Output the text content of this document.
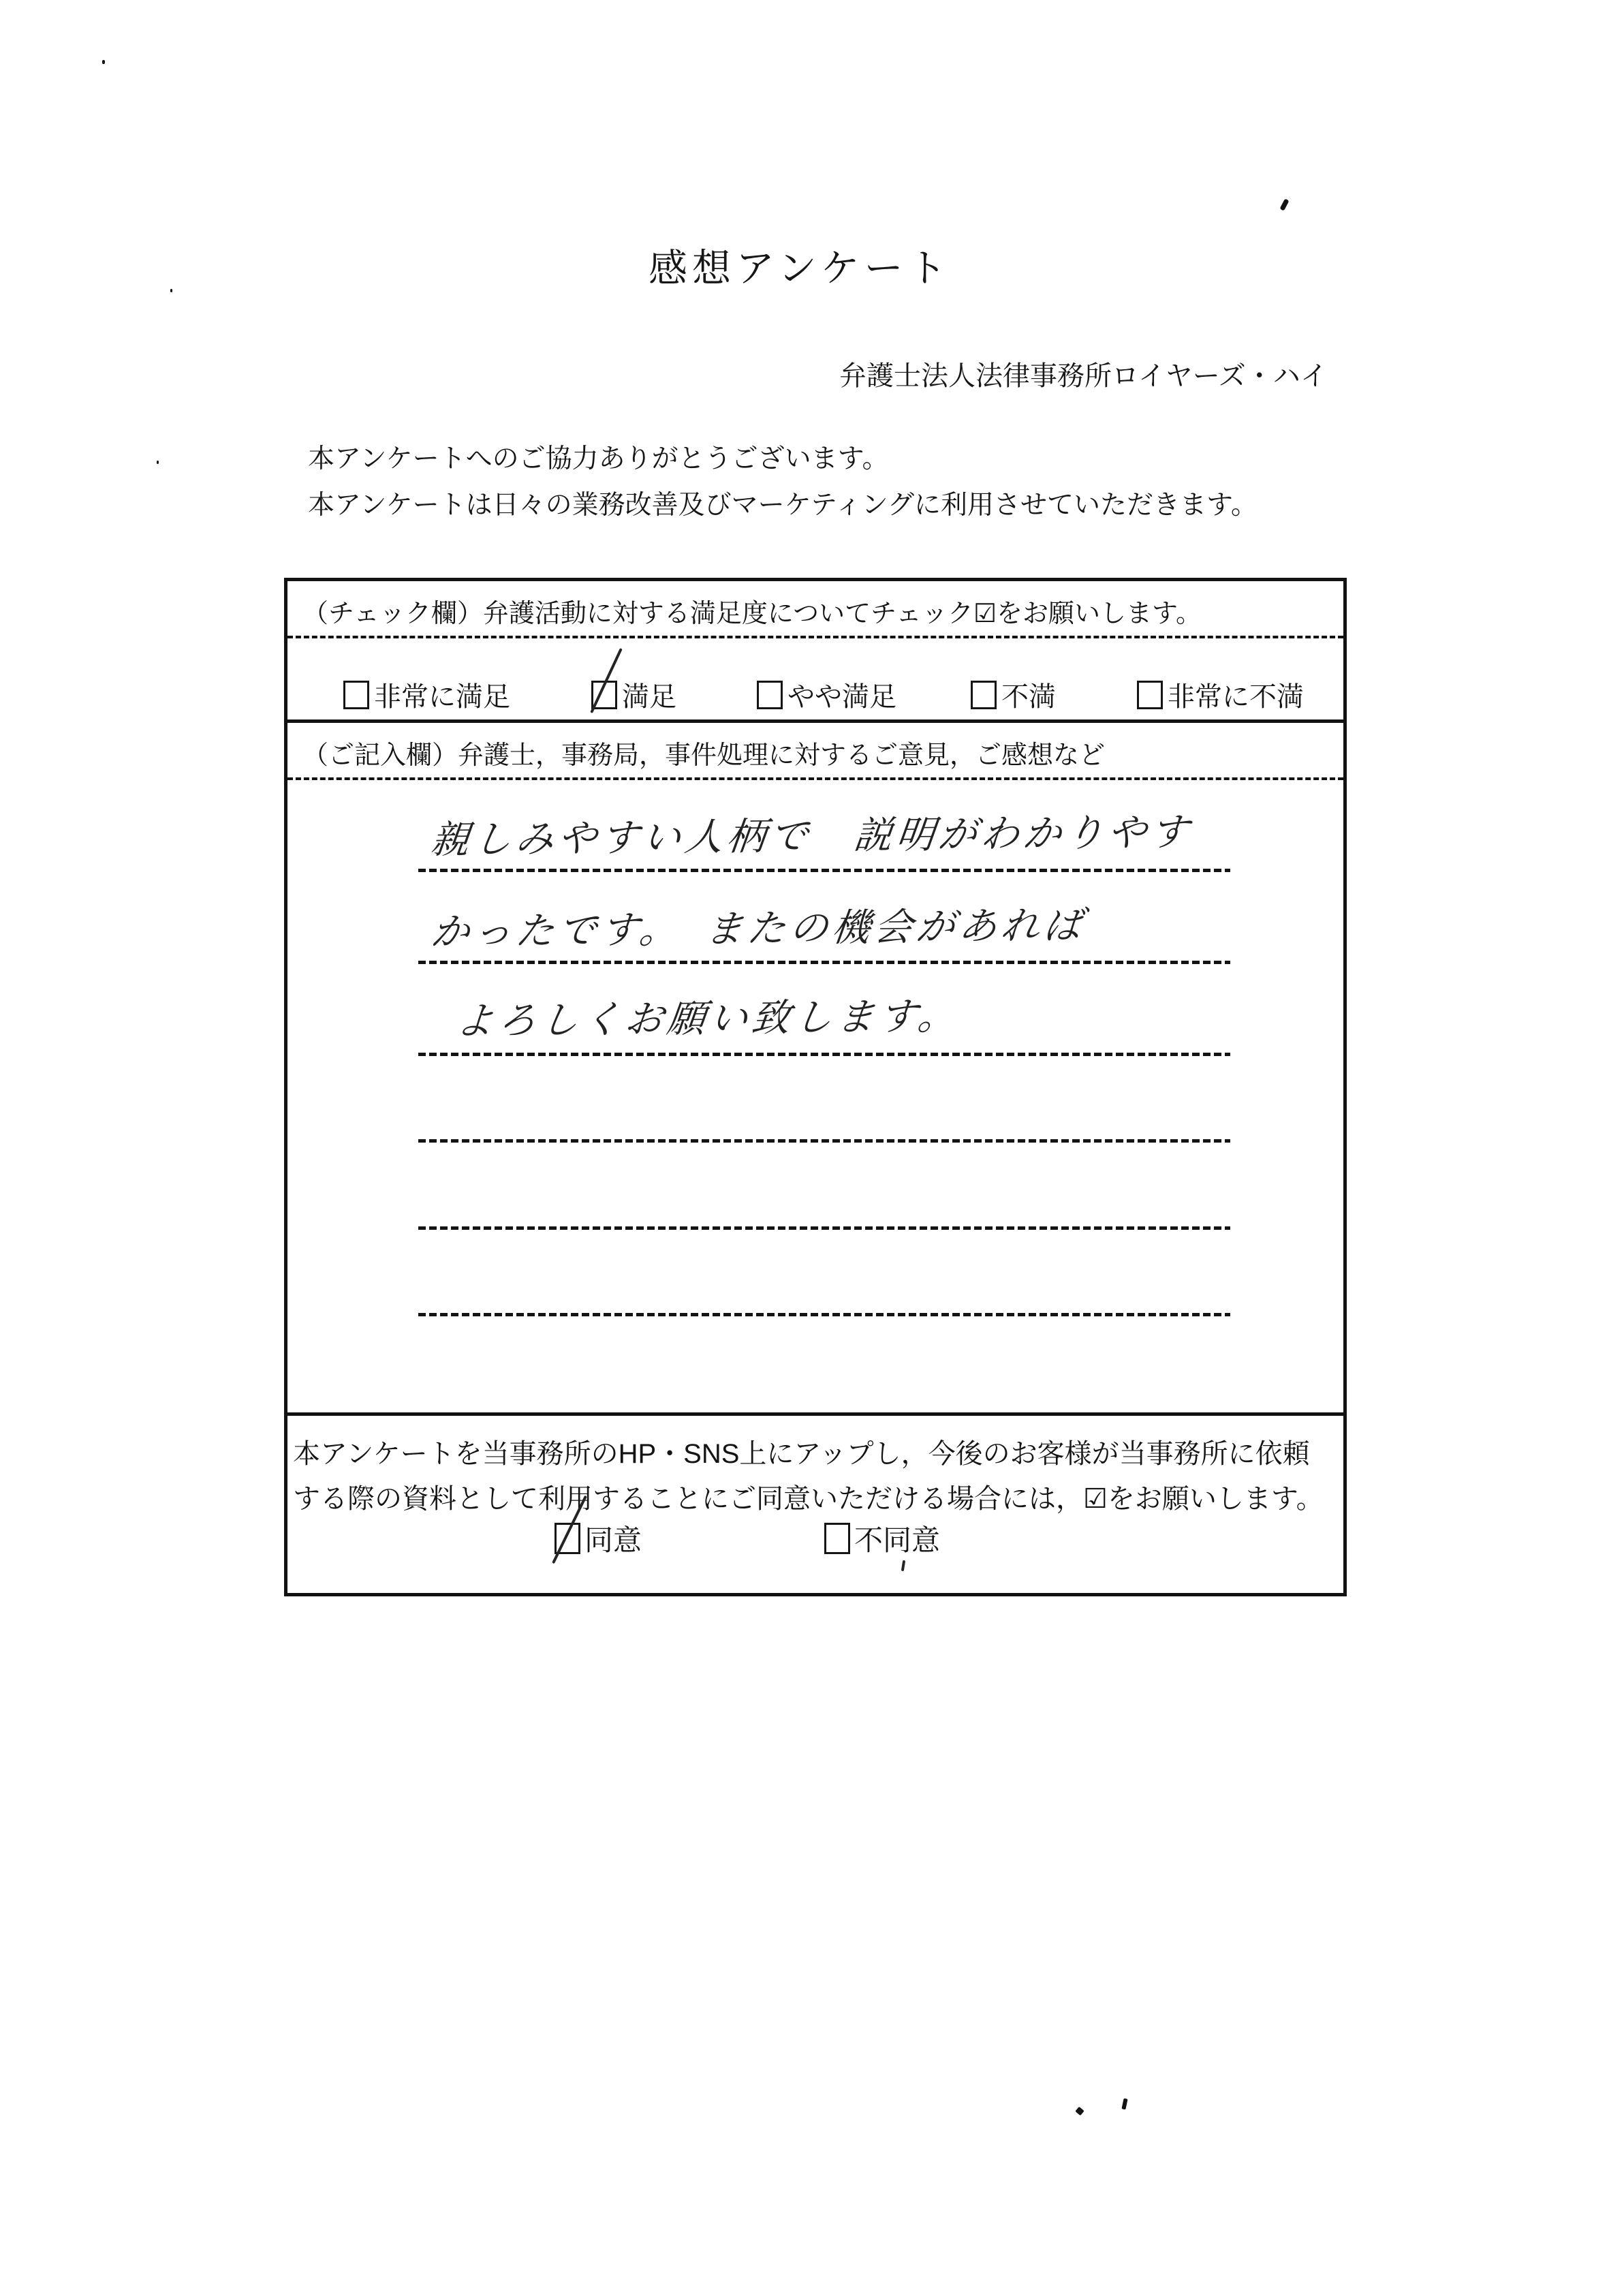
感想アンケート
弁護士法人法律事務所ロイヤーズ・ハイ
本アンケートへのご協力ありがとうございます。
本アンケートは日々の業務改善及びマーケティングに利用させていただきます。
（チェック欄）弁護活動に対する満足度についてチェック☑をお願いします。
非常に満足	満足	やや満足	不満	非常に不満
（ご記入欄）弁護士，事務局，事件処理に対するご意見，ご感想など
親しみやすい人柄で　説明がわかりやす
かったです。　またの機会があれば
よろしくお願い致します。
本アンケートを当事務所のHP・SNS上にアップし，今後のお客様が当事務所に依頼
する際の資料として利用することにご同意いただける場合には，☑をお願いします。
同意	不同意
